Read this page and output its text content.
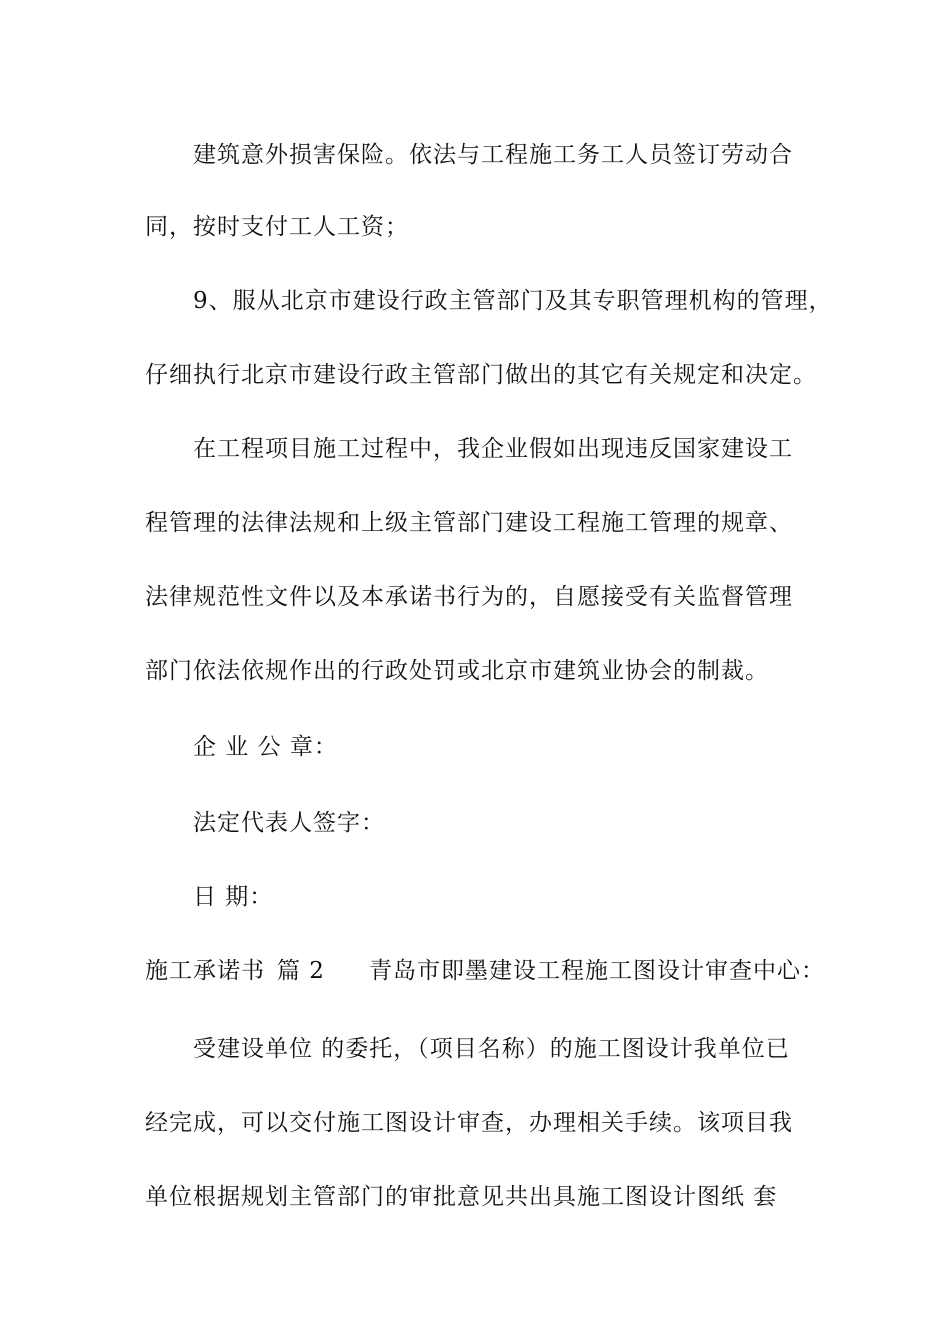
建筑意外损害保险。依法与工程施工务工人员签订劳动合
同，按时支付工人工资；
9、服从北京市建设行政主管部门及其专职管理机构的管理，
仔细执行北京市建设行政主管部门做出的其它有关规定和决定。
在工程项目施工过程中，我企业假如出现违反国家建设工
程管理的法律法规和上级主管部门建设工程施工管理的规章、
法律规范性文件以及本承诺书行为的，自愿接受有关监督管理
部门依法依规作出的行政处罚或北京市建筑业协会的制裁。
企 业 公 章：
法定代表人签字：
日 期：
施工承诺书 篇 2 青岛市即墨建设工程施工图设计审查中心：
受建设单位 的委托，（项目名称）的施工图设计我单位已
经完成，可以交付施工图设计审查，办理相关手续。该项目我
单位根据规划主管部门的审批意见共出具施工图设计图纸 套
